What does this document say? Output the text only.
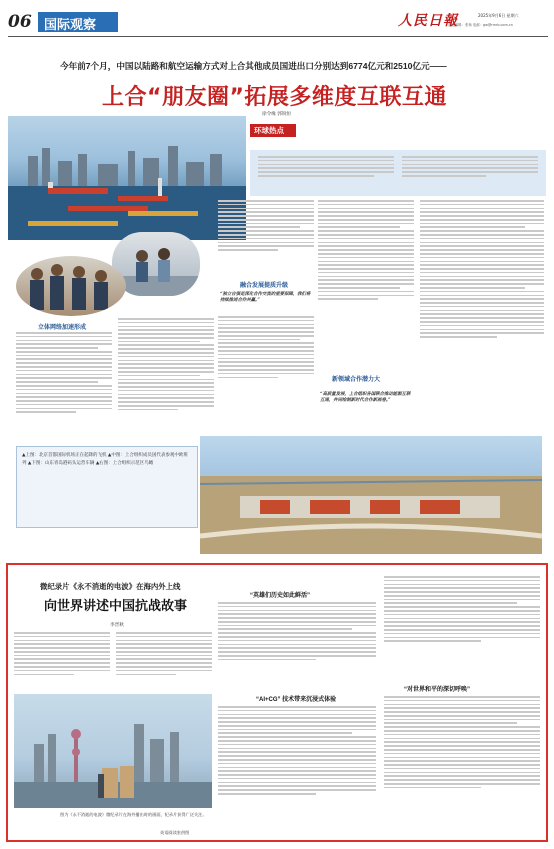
06 国际观察	人民日報	2025年9月6日 星期六
责任编辑：张杨 电邮：gw@rmrb.com.cn
今年前7个月，中国以陆路和航空运输方式对上合其他成员国进出口分别达到6774亿元和2510亿元——
上合“朋友圈”拓展多维度互联互通
徐令缘 郭锐恒
环球热点
立体网络加速形成
融合发展提质升级
“独立自强是深化合作交流的重要保障，我们将持续推进合作共赢。”
新领域合作潜力大
“高质量发展，上合组织各国联合推动能源互联互通，共同绘制新时代合作新画卷。”
▲上图：北京首都国际机场正在起降的飞机 ▲中图：上合组织成员国代表参观中欧班列 ▲下图：山东青岛港码头运营车辆 ▲右图：上合组织示范区鸟瞰
微纪录片《永不消逝的电波》在海内外上线
向世界讲述中国抗战故事
李晋秋
图为《永不消逝的电波》微纪录片在海外播出时的画面，纪录片获得广泛关注。
英语阅读室供图
“英雄们历史如此鲜活”
“AI+CG” 技术带来沉浸式体验
“对世界和平的深切呼唤”
